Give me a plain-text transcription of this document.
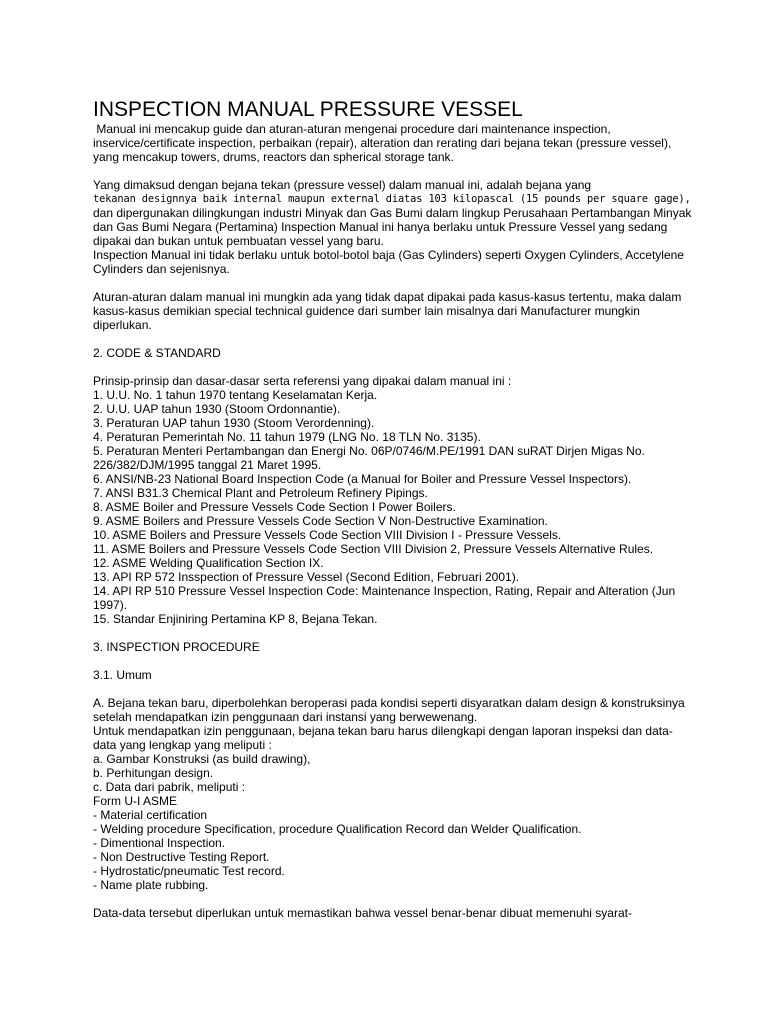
INSPECTION MANUAL PRESSURE VESSEL

Manual ini mencakup guide dan aturan-aturan mengenai procedure dari maintenance inspection, inservice/certificate inspection, perbaikan (repair), alteration dan rerating dari bejana tekan (pressure vessel), yang mencakup towers, drums, reactors dan spherical storage tank.

Yang dimaksud dengan bejana tekan (pressure vessel) dalam manual ini, adalah bejana yang
tekanan designnya baik internal maupun external diatas 103 kilopascal (15 pounds per square gage),
dan dipergunakan dilingkungan industri Minyak dan Gas Bumi dalam lingkup Perusahaan Pertambangan Minyak dan Gas Bumi Negara (Pertamina) Inspection Manual ini hanya berlaku untuk Pressure Vessel yang sedang dipakai dan bukan untuk pembuatan vessel yang baru.
Inspection Manual ini tidak berlaku untuk botol-botol baja (Gas Cylinders) seperti Oxygen Cylinders, Accetylene Cylinders dan sejenisnya.

Aturan-aturan dalam manual ini mungkin ada yang tidak dapat dipakai pada kasus-kasus tertentu, maka dalam kasus-kasus demikian special technical guidence dari sumber lain misalnya dari Manufacturer mungkin diperlukan.

2. CODE & STANDARD

Prinsip-prinsip dan dasar-dasar serta referensi yang dipakai dalam manual ini :

1. U.U. No. 1 tahun 1970 tentang Keselamatan Kerja.
2. U.U. UAP tahun 1930 (Stoom Ordonnantie).
3. Peraturan UAP tahun 1930 (Stoom Verordenning).
4. Peraturan Pemerintah No. 11 tahun 1979 (LNG No. 18 TLN No. 3135).
5. Peraturan Menteri Pertambangan dan Energi No. 06P/0746/M.PE/1991 DAN suRAT Dirjen Migas No. 226/382/DJM/1995 tanggal 21 Maret 1995.
6. ANSI/NB-23 National Board Inspection Code (a Manual for Boiler and Pressure Vessel Inspectors).
7. ANSI B31.3 Chemical Plant and Petroleum Refinery Pipings.
8. ASME Boiler and Pressure Vessels Code Section I Power Boilers.
9. ASME Boilers and Pressure Vessels Code Section V Non-Destructive Examination.
10. ASME Boilers and Pressure Vessels Code Section VIII Division I - Pressure Vessels.
11. ASME Boilers and Pressure Vessels Code Section VIII Division 2, Pressure Vessels Alternative Rules.
12. ASME Welding Qualification Section IX.
13. API RP 572 Insspection of Pressure Vessel (Second Edition, Februari 2001).
14. API RP 510 Pressure Vessel Inspection Code: Maintenance Inspection, Rating, Repair and Alteration (Jun 1997).
15. Standar Enjiniring Pertamina KP 8, Bejana Tekan.

3. INSPECTION PROCEDURE

3.1. Umum

A. Bejana tekan baru, diperbolehkan beroperasi pada kondisi seperti disyaratkan dalam design & konstruksinya setelah mendapatkan izin penggunaan dari instansi yang berwewenang.

Untuk mendapatkan izin penggunaan, bejana tekan baru harus dilengkapi dengan laporan inspeksi dan data-data yang lengkap yang meliputi :

a. Gambar Konstruksi (as build drawing),
b. Perhitungan design.
c. Data dari pabrik, meliputi :
Form U-I ASME
- Material certification
- Welding procedure Specification, procedure Qualification Record dan Welder Qualification.
- Dimentional Inspection.
- Non Destructive Testing Report.
- Hydrostatic/pneumatic Test record.
- Name plate rubbing.

Data-data tersebut diperlukan untuk memastikan bahwa vessel benar-benar dibuat memenuhi syarat-
